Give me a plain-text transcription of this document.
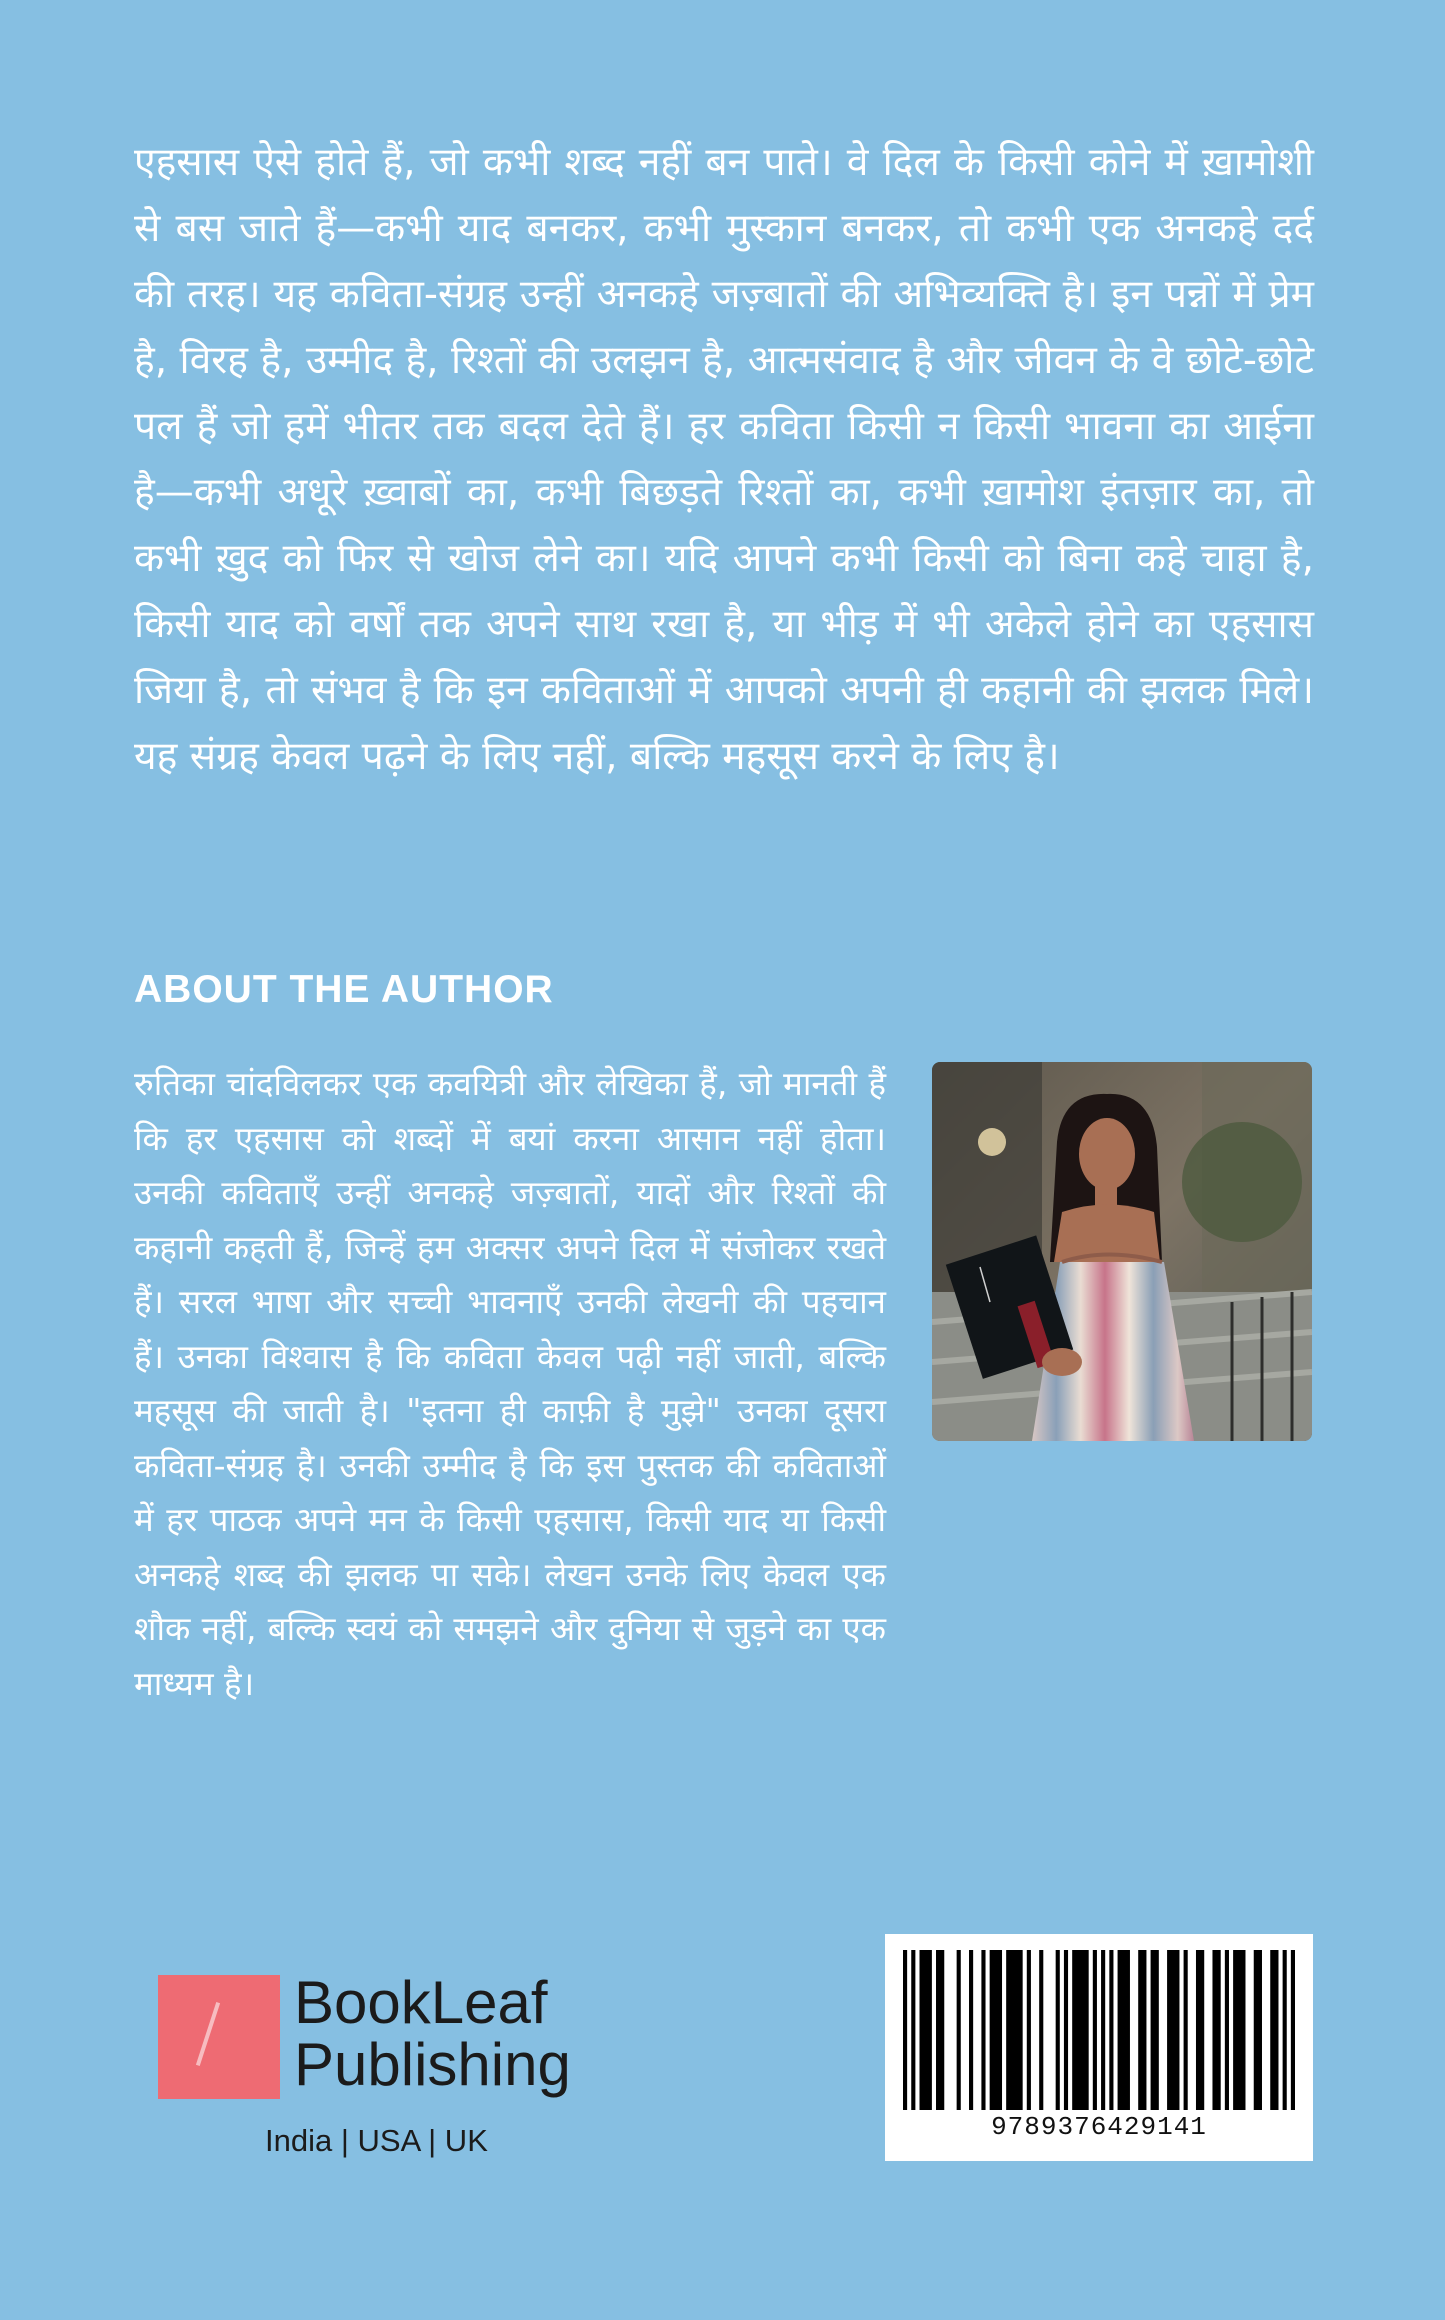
एहसास ऐसे होते हैं, जो कभी शब्द नहीं बन पाते। वे दिल के किसी कोने में ख़ामोशी से बस जाते हैं—कभी याद बनकर, कभी मुस्कान बनकर, तो कभी एक अनकहे दर्द की तरह। यह कविता-संग्रह उन्हीं अनकहे जज़्बातों की अभिव्यक्ति है। इन पन्नों में प्रेम है, विरह है, उम्मीद है, रिश्तों की उलझन है, आत्मसंवाद है और जीवन के वे छोटे-छोटे पल हैं जो हमें भीतर तक बदल देते हैं। हर कविता किसी न किसी भावना का आईना है—कभी अधूरे ख़्वाबों का, कभी बिछड़ते रिश्तों का, कभी ख़ामोश इंतज़ार का, तो कभी ख़ुद को फिर से खोज लेने का। यदि आपने कभी किसी को बिना कहे चाहा है, किसी याद को वर्षों तक अपने साथ रखा है, या भीड़ में भी अकेले होने का एहसास जिया है, तो संभव है कि इन कविताओं में आपको अपनी ही कहानी की झलक मिले। यह संग्रह केवल पढ़ने के लिए नहीं, बल्कि महसूस करने के लिए है।

ABOUT THE AUTHOR

रुतिका चांदविलकर एक कवयित्री और लेखिका हैं, जो मानती हैं कि हर एहसास को शब्दों में बयां करना आसान नहीं होता। उनकी कविताएँ उन्हीं अनकहे जज़्बातों, यादों और रिश्तों की कहानी कहती हैं, जिन्हें हम अक्सर अपने दिल में संजोकर रखते हैं। सरल भाषा और सच्ची भावनाएँ उनकी लेखनी की पहचान हैं। उनका विश्वास है कि कविता केवल पढ़ी नहीं जाती, बल्कि महसूस की जाती है। "इतना ही काफ़ी है मुझे" उनका दूसरा कविता-संग्रह है। उनकी उम्मीद है कि इस पुस्तक की कविताओं में हर पाठक अपने मन के किसी एहसास, किसी याद या किसी अनकहे शब्द की झलक पा सके। लेखन उनके लिए केवल एक शौक नहीं, बल्कि स्वयं को समझने और दुनिया से जुड़ने का एक माध्यम है।

BookLeaf
Publishing
India | USA | UK	9789376429141
